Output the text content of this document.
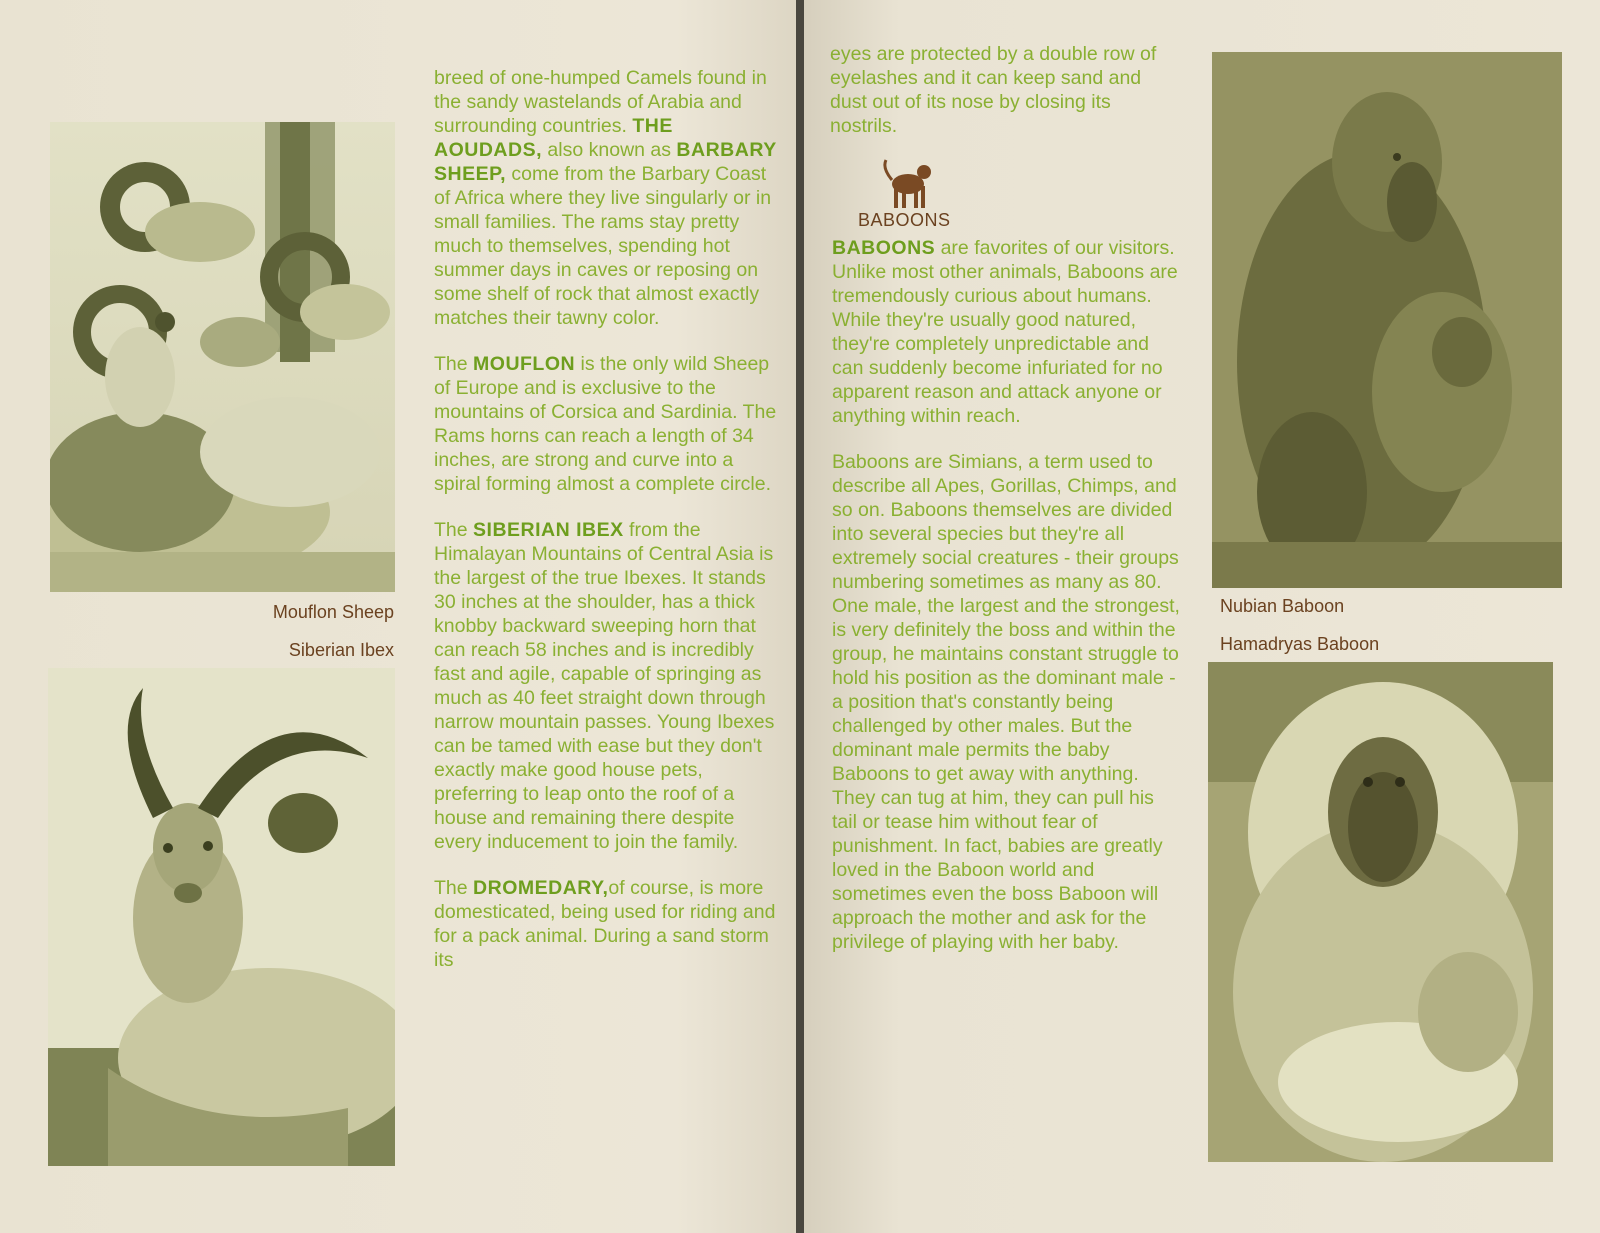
Mouflon Sheep
Siberian Ibex

breed of one-humped Camels found in the sandy wastelands of Arabia and surrounding countries. THE AOUDADS, also known as BARBARY SHEEP, come from the Barbary Coast of Africa where they live singularly or in small families. The rams stay pretty much to themselves, spending hot summer days in caves or reposing on some shelf of rock that almost exactly matches their tawny color.

The MOUFLON is the only wild Sheep of Europe and is exclusive to the mountains of Corsica and Sardinia. The Rams horns can reach a length of 34 inches, are strong and curve into a spiral forming almost a complete circle.

The SIBERIAN IBEX from the Himalayan Mountains of Central Asia is the largest of the true Ibexes. It stands 30 inches at the shoulder, has a thick knobby backward sweeping horn that can reach 58 inches and is incredibly fast and agile, capable of springing as much as 40 feet straight down through narrow mountain passes. Young Ibexes can be tamed with ease but they don't exactly make good house pets, preferring to leap onto the roof of a house and remaining there despite every inducement to join the family.

The DROMEDARY,of course, is more domesticated, being used for riding and for a pack animal. During a sand storm its

eyes are protected by a double row of eyelashes and it can keep sand and dust out of its nose by closing its nostrils.

BABOONS

BABOONS are favorites of our visitors. Unlike most other animals, Baboons are tremendously curious about humans. While they're usually good natured, they're completely unpredictable and can suddenly become infuriated for no apparent reason and attack anyone or anything within reach.

Baboons are Simians, a term used to describe all Apes, Gorillas, Chimps, and so on. Baboons themselves are divided into several species but they're all extremely social creatures - their groups numbering sometimes as many as 80. One male, the largest and the strongest, is very definitely the boss and within the group, he maintains constant struggle to hold his position as the dominant male - a position that's constantly being challenged by other males. But the dominant male permits the baby Baboons to get away with anything. They can tug at him, they can pull his tail or tease him without fear of punishment. In fact, babies are greatly loved in the Baboon world and sometimes even the boss Baboon will approach the mother and ask for the privilege of playing with her baby.

Nubian Baboon
Hamadryas Baboon
